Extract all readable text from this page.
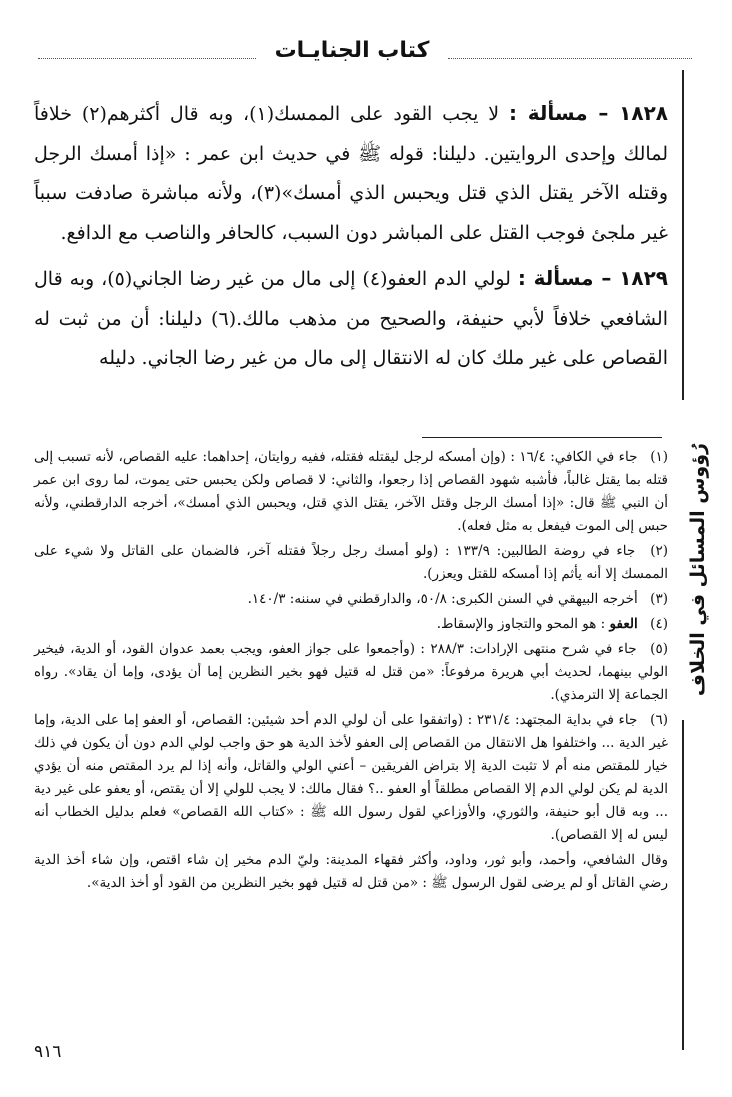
كتاب الجنايـات
رُؤوس المسائل في الخلاف

١٨٢٨ – مسألة : لا يجب القود على الممسك(١)، وبه قال أكثرهم(٢) خلافاً لمالك وإحدى الروايتين. دليلنا: قوله ﷺ في حديث ابن عمر : «إذا أمسك الرجل وقتله الآخر يقتل الذي قتل ويحبس الذي أمسك»(٣)، ولأنه مباشرة صادفت سبباً غير ملجئ فوجب القتل على المباشر دون السبب، كالحافر والناصب مع الدافع.

١٨٢٩ – مسألة : لولي الدم العفو(٤) إلى مال من غير رضا الجاني(٥)، وبه قال الشافعي خلافاً لأبي حنيفة، والصحيح من مذهب مالك.(٦) دليلنا: أن من ثبت له القصاص على غير ملك كان له الانتقال إلى مال من غير رضا الجاني. دليله

(١) جاء في الكافي: ١٦/٤ : (وإن أمسكه لرجل ليقتله فقتله، ففيه روايتان، إحداهما: عليه القصاص، لأنه تسبب إلى قتله بما يقتل غالباً، فأشبه شهود القصاص إذا رجعوا، والثاني: لا قصاص ولكن يحبس حتى يموت، لما روى ابن عمر أن النبي ﷺ قال: «إذا أمسك الرجل وقتل الآخر، يقتل الذي قتل، ويحبس الذي أمسك»، أخرجه الدارقطني، ولأنه حبس إلى الموت فيفعل به مثل فعله).

(٢) جاء في روضة الطالبين: ١٣٣/٩ : (ولو أمسك رجل رجلاً فقتله آخر، فالضمان على القاتل ولا شيء على الممسك إلا أنه يأثم إذا أمسكه للقتل ويعزر).

(٣) أخرجه البيهقي في السنن الكبرى: ٥٠/٨، والدارقطني في سننه: ١٤٠/٣.

(٤) العفو : هو المحو والتجاوز والإسقاط.

(٥) جاء في شرح منتهى الإرادات: ٢٨٨/٣ : (وأجمعوا على جواز العفو، ويجب بعمد عدوان القود، أو الدية، فيخير الولي بينهما، لحديث أبي هريرة مرفوعاً: «من قتل له قتيل فهو بخير النظرين إما أن يؤدى، وإما أن يقاد». رواه الجماعة إلا الترمذي).

(٦) جاء في بداية المجتهد: ٢٣١/٤ : (واتفقوا على أن لولي الدم أحد شيئين: القصاص، أو العفو إما على الدية، وإما غير الدية ... واختلفوا هل الانتقال من القصاص إلى العفو لأخذ الدية هو حق واجب لولي الدم دون أن يكون في ذلك خيار للمقتص منه أم لا تثبت الدية إلا بتراض الفريقين – أعني الولي والقاتل، وأنه إذا لم يرد المقتص منه أن يؤدي الدية لم يكن لولي الدم إلا القصاص مطلقاً أو العفو ..؟ فقال مالك: لا يجب للولي إلا أن يقتص، أو يعفو على غير دية ... وبه قال أبو حنيفة، والثوري، والأوزاعي لقول رسول الله ﷺ : «كتاب الله القصاص» فعلم بدليل الخطاب أنه ليس له إلا القصاص).

وقال الشافعي، وأحمد، وأبو ثور، وداود، وأكثر فقهاء المدينة: وليّ الدم مخير إن شاء اقتص، وإن شاء أخذ الدية رضي القاتل أو لم يرضى لقول الرسول ﷺ : «من قتل له قتيل فهو بخير النظرين من القود أو أخذ الدية».

٩١٦
